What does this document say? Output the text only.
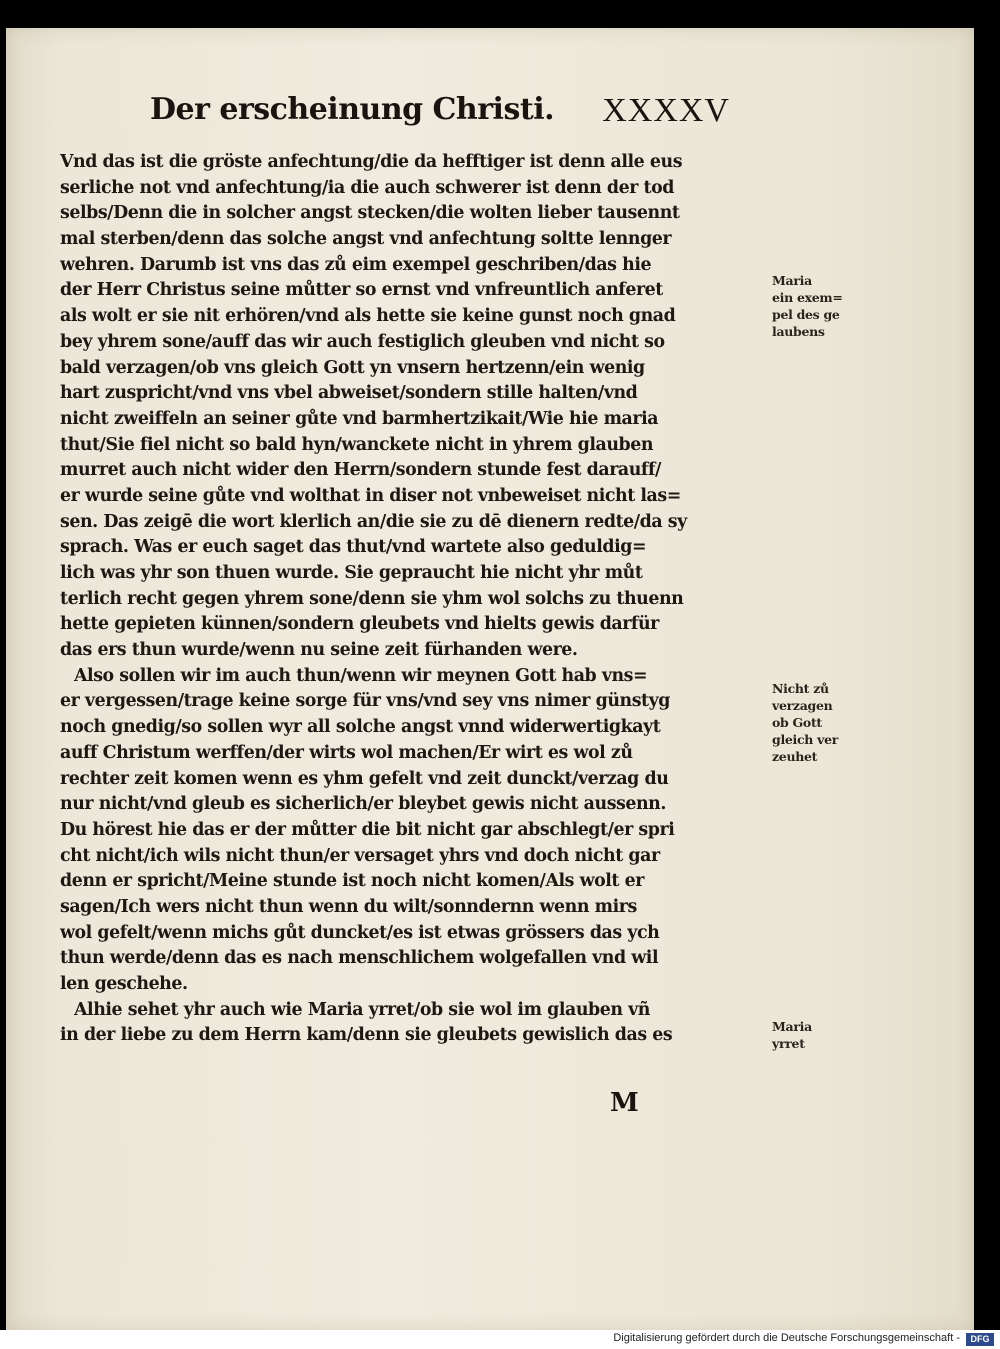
Der erscheinung Christi. XXXXV
Vnd das ist die gröste anfechtung/die da hefftiger ist denn alle eus
serliche not vnd anfechtung/ia die auch schwerer ist denn der tod
selbs/Denn die in solcher angst stecken/die wolten lieber tausennt
mal sterben/denn das solche angst vnd anfechtung soltte lennger
wehren. Darumb ist vns das zů eim exempel geschriben/das hie
der Herr Christus seine můtter so ernst vnd vnfreuntlich anferet
als wolt er sie nit erhören/vnd als hette sie keine gunst noch gnad
bey yhrem sone/auff das wir auch festiglich gleuben vnd nicht so
bald verzagen/ob vns gleich Gott yn vnsern hertzenn/ein wenig
hart zuspricht/vnd vns vbel abweiset/sondern stille halten/vnd
nicht zweiffeln an seiner gůte vnd barmhertzikait/Wie hie maria
thut/Sie fiel nicht so bald hyn/wanckete nicht in yhrem glauben
murret auch nicht wider den Herrn/sondern stunde fest darauff/
er wurde seine gůte vnd wolthat in diser not vnbeweiset nicht las=
sen. Das zeigē die wort klerlich an/die sie zu dē dienern redte/da sy
sprach. Was er euch saget das thut/vnd wartete also geduldig=
lich was yhr son thuen wurde. Sie gepraucht hie nicht yhr můt
terlich recht gegen yhrem sone/denn sie yhm wol solchs zu thuenn
hette gepieten künnen/sondern gleubets vnd hielts gewis darfür
das ers thun wurde/wenn nu seine zeit fürhanden were.
Also sollen wir im auch thun/wenn wir meynen Gott hab vns=
er vergessen/trage keine sorge für vns/vnd sey vns nimer günstyg
noch gnedig/so sollen wyr all solche angst vnnd widerwertigkayt
auff Christum werffen/der wirts wol machen/Er wirt es wol zů
rechter zeit komen wenn es yhm gefelt vnd zeit dunckt/verzag du
nur nicht/vnd gleub es sicherlich/er bleybet gewis nicht aussenn.
Du hörest hie das er der můtter die bit nicht gar abschlegt/er spri
cht nicht/ich wils nicht thun/er versaget yhrs vnd doch nicht gar
denn er spricht/Meine stunde ist noch nicht komen/Als wolt er
sagen/Ich wers nicht thun wenn du wilt/sonndernn wenn mirs
wol gefelt/wenn michs gůt duncket/es ist etwas grössers das ych
thun werde/denn das es nach menschlichem wolgefallen vnd wil
len geschehe.
Alhie sehet yhr auch wie Maria yrret/ob sie wol im glauben vñ
in der liebe zu dem Herrn kam/denn sie gleubets gewislich das es
Maria
ein exem=
pel des ge
laubens
Nicht zů
verzagen
ob Gott
gleich ver
zeuhet
Maria
yrret
M
Digitalisierung gefördert durch die Deutsche Forschungsgemeinschaft -	DFG
